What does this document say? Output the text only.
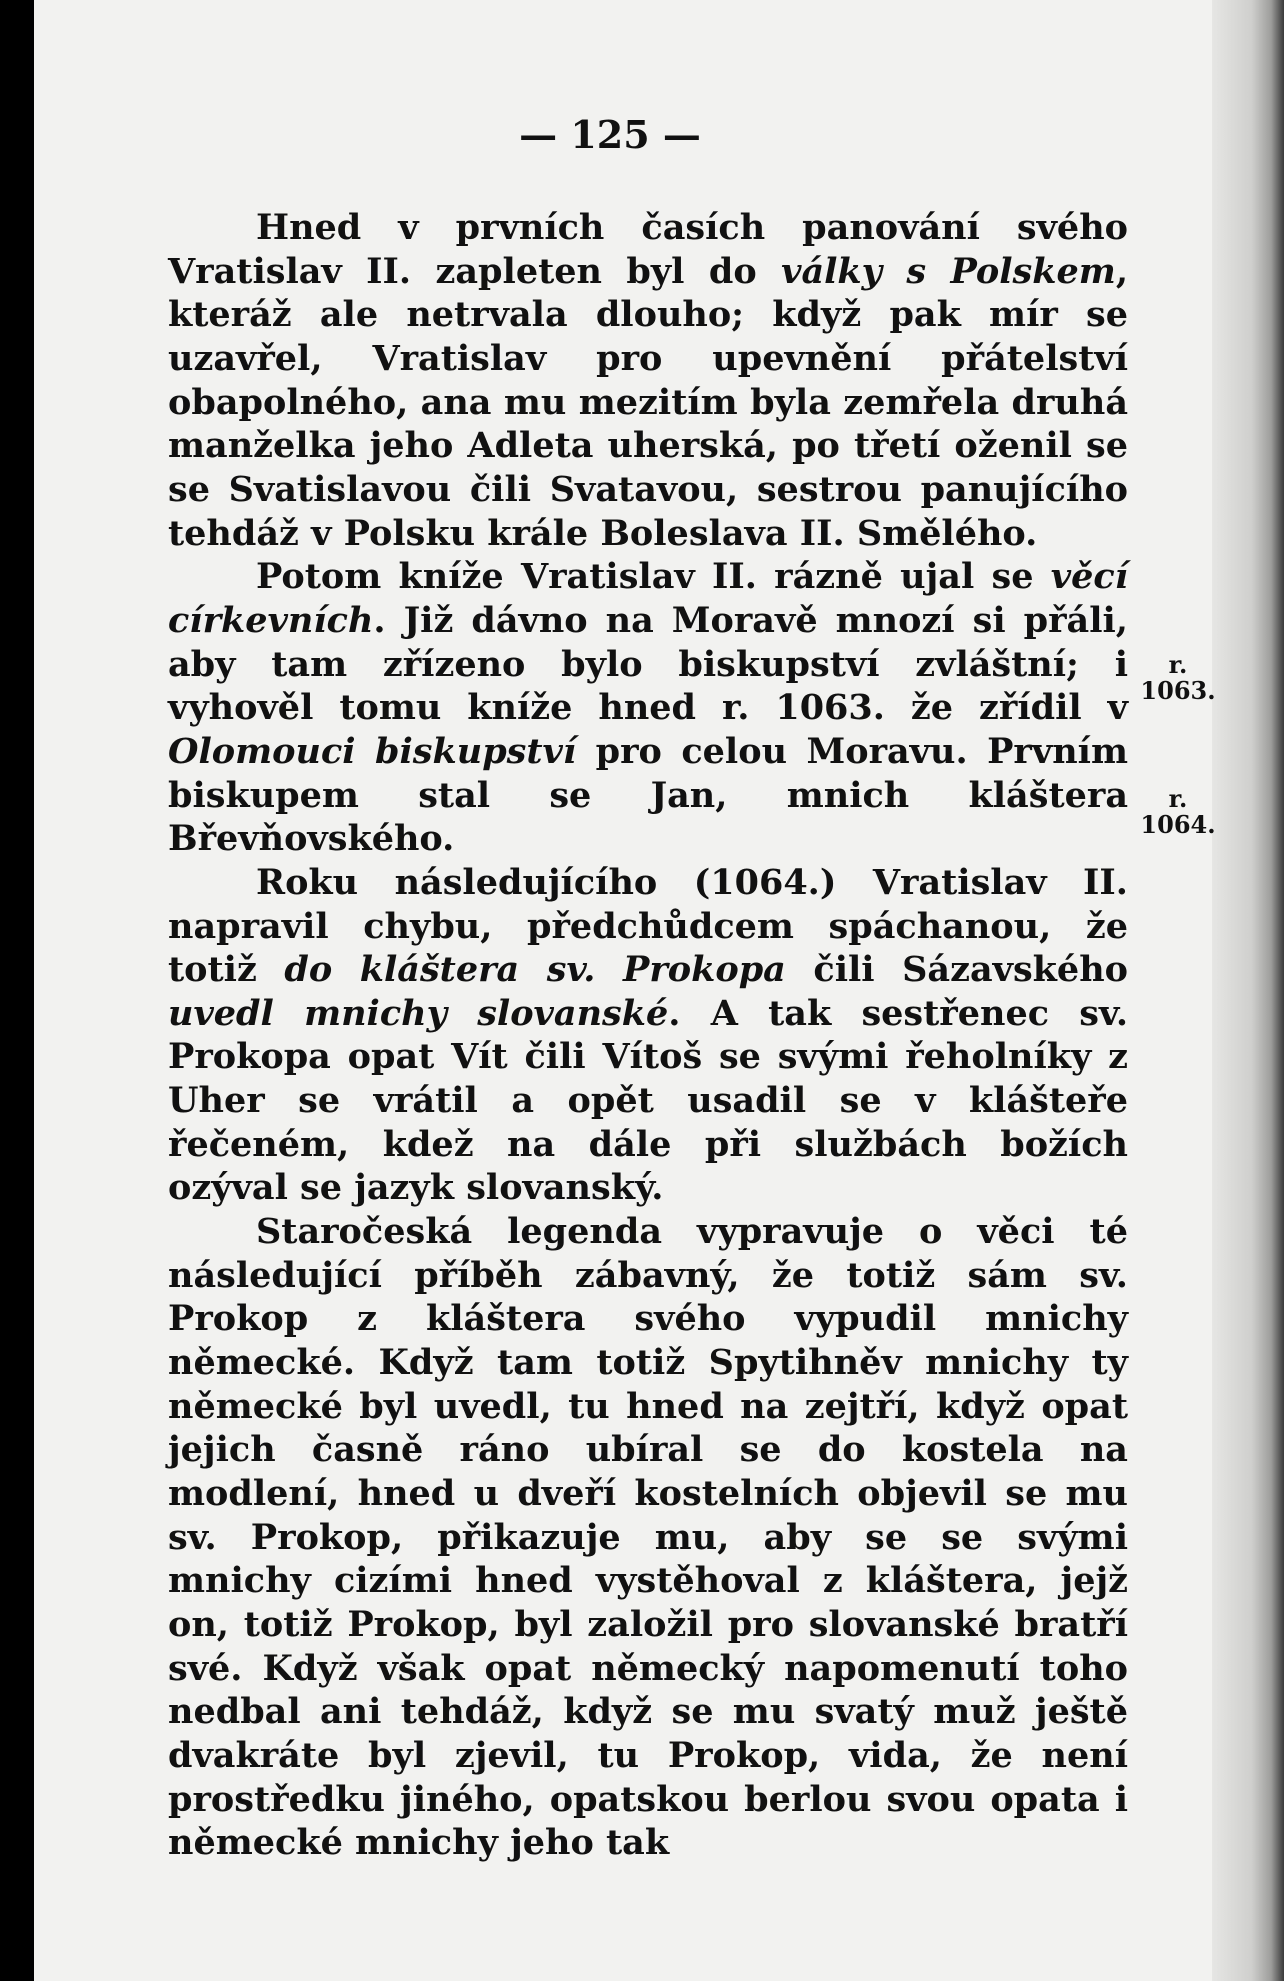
— 125 —

Hned v prvních časích panování svého Vratislav II. zapleten byl do války s Polskem, kteráž ale netrvala dlouho; když pak mír se uzavřel, Vratislav pro upevnění přátelství obapolného, ana mu mezitím byla zemřela druhá manželka jeho Adleta uherská, po třetí oženil se se Svatislavou čili Svatavou, sestrou panujícího tehdáž v Polsku krále Boleslava II. Smělého.

Potom kníže Vratislav II. rázně ujal se věcí církevních. Již dávno na Moravě mnozí si přáli, aby tam zřízeno bylo biskupství zvláštní; i vyhověl tomu kníže hned r. 1063. že zřídil v Olomouci biskupství pro celou Moravu. Prvním biskupem stal se Jan, mnich kláštera Břevňovského.

Roku následujícího (1064.) Vratislav II. napravil chybu, předchůdcem spáchanou, že totiž do kláštera sv. Prokopa čili Sázavského uvedl mnichy slovanské. A tak sestřenec sv. Prokopa opat Vít čili Vítoš se svými řeholníky z Uher se vrátil a opět usadil se v klášteře řečeném, kdež na dále při službách božích ozýval se jazyk slovanský.

Staročeská legenda vypravuje o věci té následující příběh zábavný, že totiž sám sv. Prokop z kláštera svého vypudil mnichy německé. Když tam totiž Spytihněv mnichy ty německé byl uvedl, tu hned na zejtří, když opat jejich časně ráno ubíral se do kostela na modlení, hned u dveří kostelních objevil se mu sv. Prokop, přikazuje mu, aby se se svými mnichy cizími hned vystěhoval z kláštera, jejž on, totiž Prokop, byl založil pro slovanské bratří své. Když však opat německý napomenutí toho nedbal ani tehdáž, když se mu svatý muž ještě dvakráte byl zjevil, tu Prokop, vida, že není prostředku jiného, opatskou berlou svou opata i německé mnichy jeho tak

r.
1063.
r.
1064.
